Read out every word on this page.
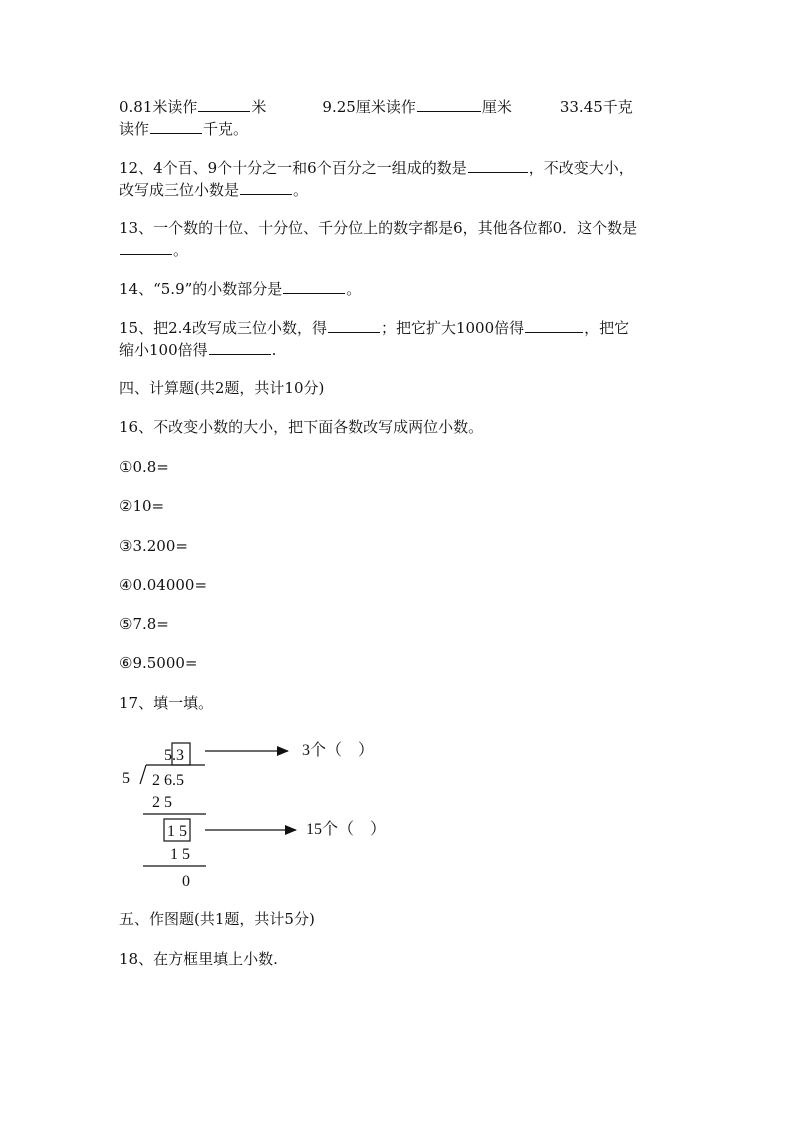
0.81米读作	米	9.25厘米读作	厘米	33.45千克
读作	千克。
12、4个百、9个十分之一和6个百分之一组成的数是	，不改变大小，
改写成三位小数是	。
13、一个数的十位、十分位、千分位上的数字都是6，其他各位都0．这个数是
。
14、“5.9”的小数部分是	。
15、把2.4改写成三位小数，得	；把它扩大1000倍得	，把它
缩小100倍得	.
四、计算题(共2题，共计10分)
16、不改变小数的大小，把下面各数改写成两位小数。
①0.8=
②10=
③3.200=
④0.04000=
⑤7.8=
⑥9.5000=
17、填一填。
5.3	3个（　）
5 2 6.5
2 5
1 5	15个（　）
1 5
0
五、作图题(共1题，共计5分)
18、在方框里填上小数.
